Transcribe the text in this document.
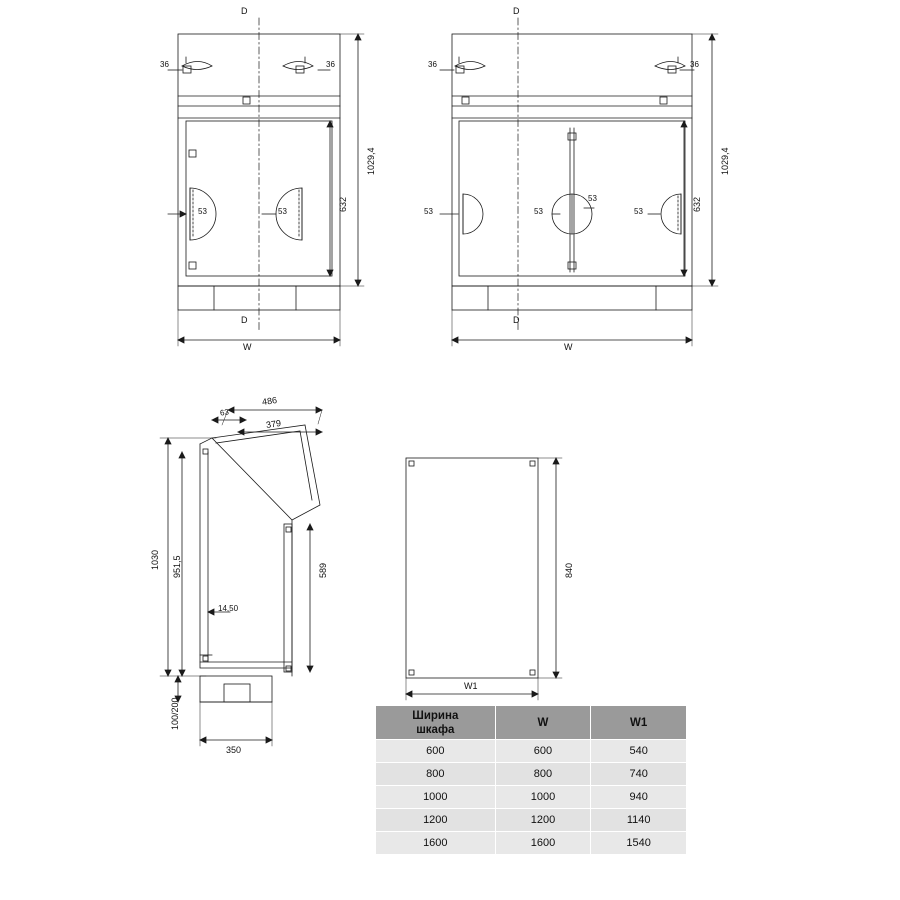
D
D
36	36
53	53
1029,4
632
W
D
D
36	36
53	53
53
53
1029,4
632
W
486
379
63
1030 951,5	589
14,50
100/200
350
840
W1
Ширина
шкафа	W	W1
600	600	540
800	800	740
1000	1000	940
1200	1200	1140
1600	1600	1540
